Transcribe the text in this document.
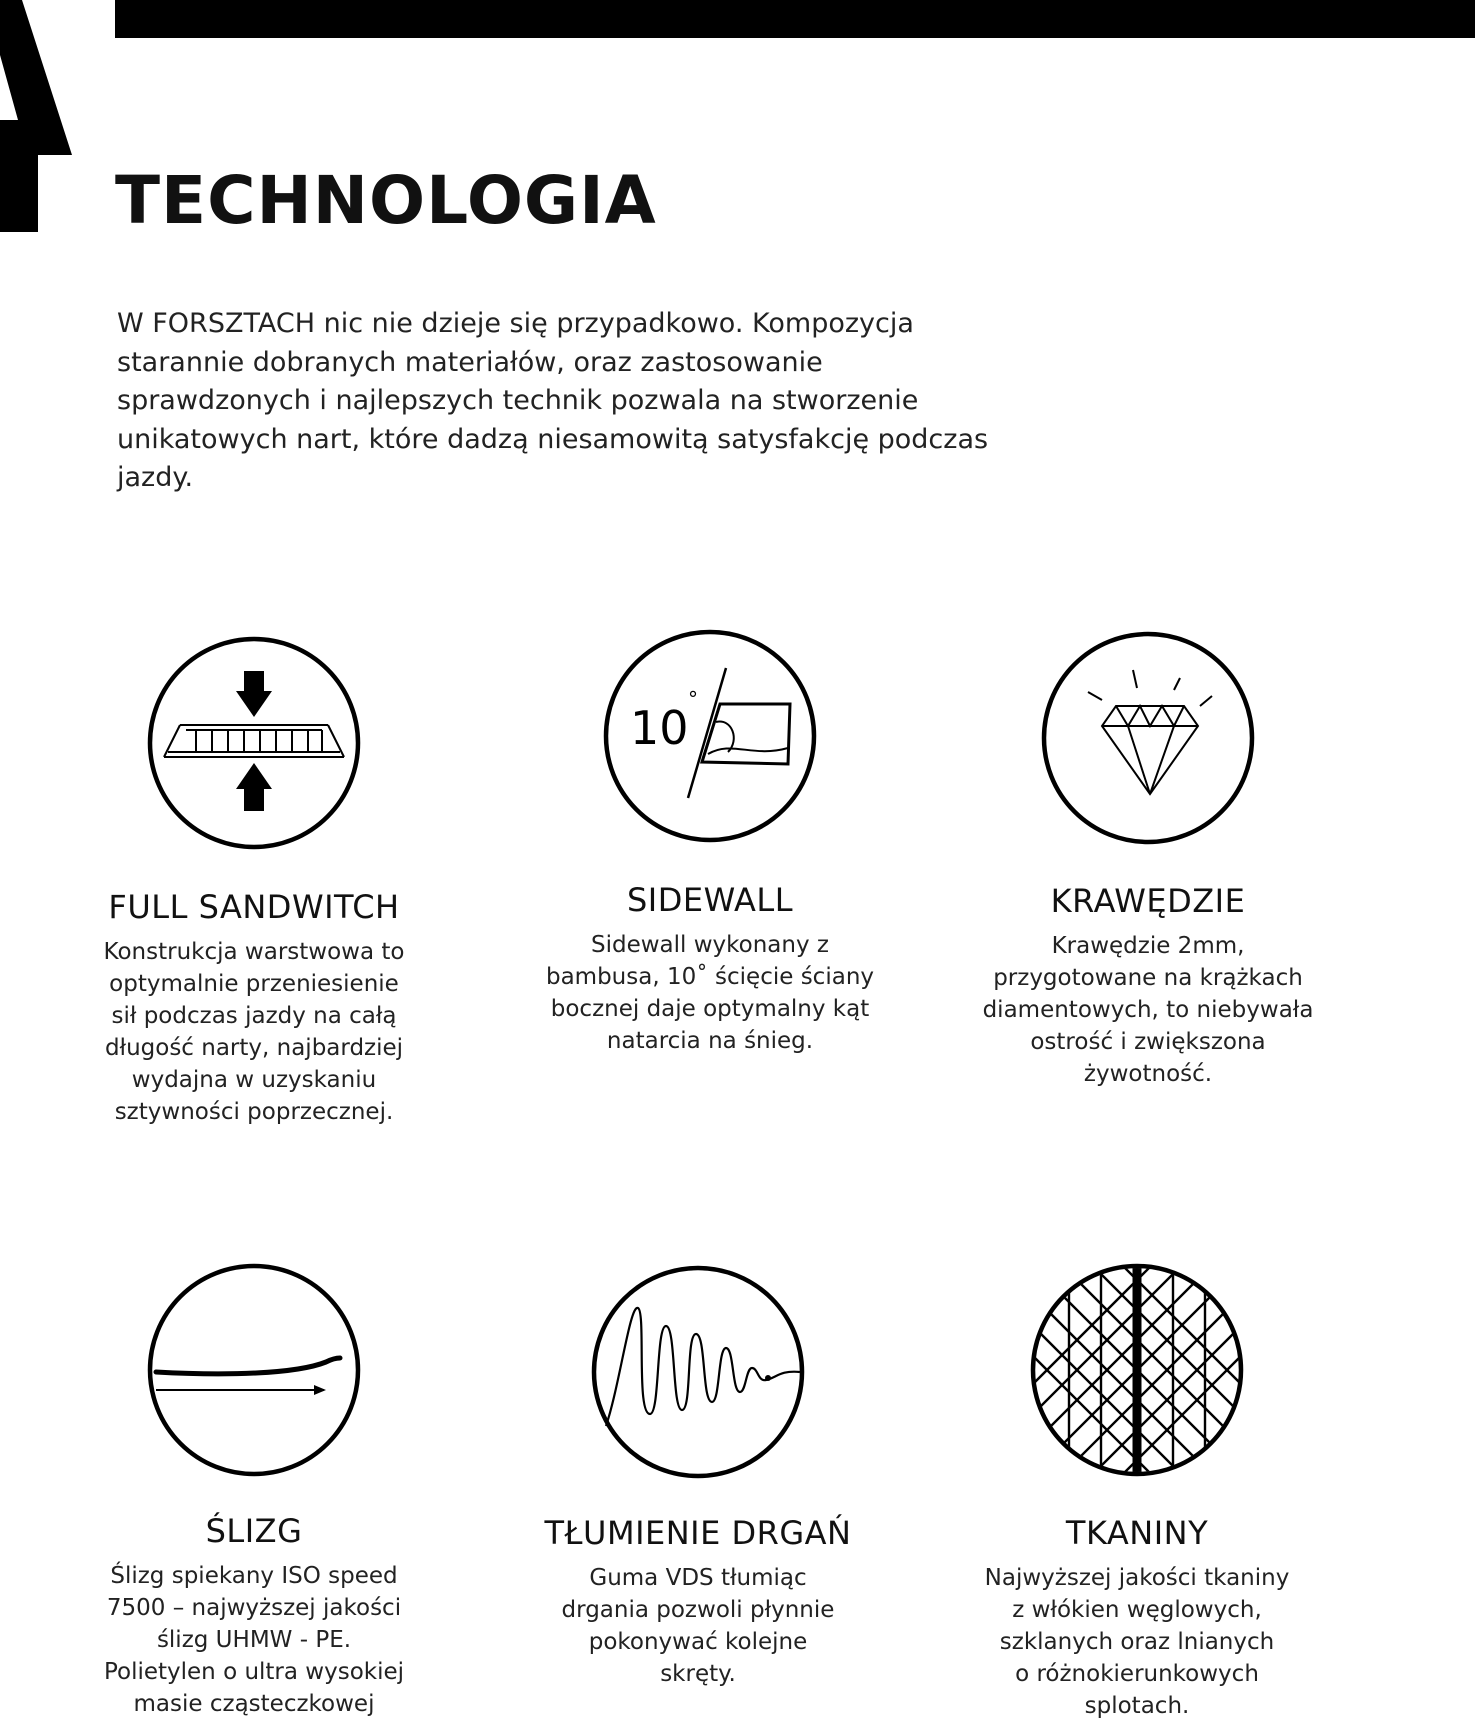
TECHNOLOGIA

W FORSZTACH nic nie dzieje się przypadkowo. Kompozycja starannie dobranych materiałów, oraz zastosowanie sprawdzonych i najlepszych technik pozwala na stworzenie unikatowych nart, które dadzą niesamowitą satysfakcję podczas jazdy.

FULL SANDWITCH

Konstrukcja warstwowa to
optymalnie przeniesienie
sił podczas jazdy na całą
długość narty, najbardziej
wydajna w uzyskaniu
sztywności poprzecznej.

10
°
SIDEWALL

Sidewall wykonany z
bambusa, 10˚ ścięcie ściany
bocznej daje optymalny kąt
natarcia na śnieg.

KRAWĘDZIE

Krawędzie 2mm,
przygotowane na krążkach
diamentowych, to niebywała
ostrość i zwiększona
żywotność.

ŚLIZG

Ślizg spiekany ISO speed
7500 – najwyższej jakości
ślizg UHMW - PE.
Polietylen o ultra wysokiej
masie cząsteczkowej

TŁUMIENIE DRGAŃ

Guma VDS tłumiąc
drgania pozwoli płynnie
pokonywać kolejne
skręty.

TKANINY

Najwyższej jakości tkaniny
z włókien węglowych,
szklanych oraz lnianych
o różnokierunkowych
splotach.
